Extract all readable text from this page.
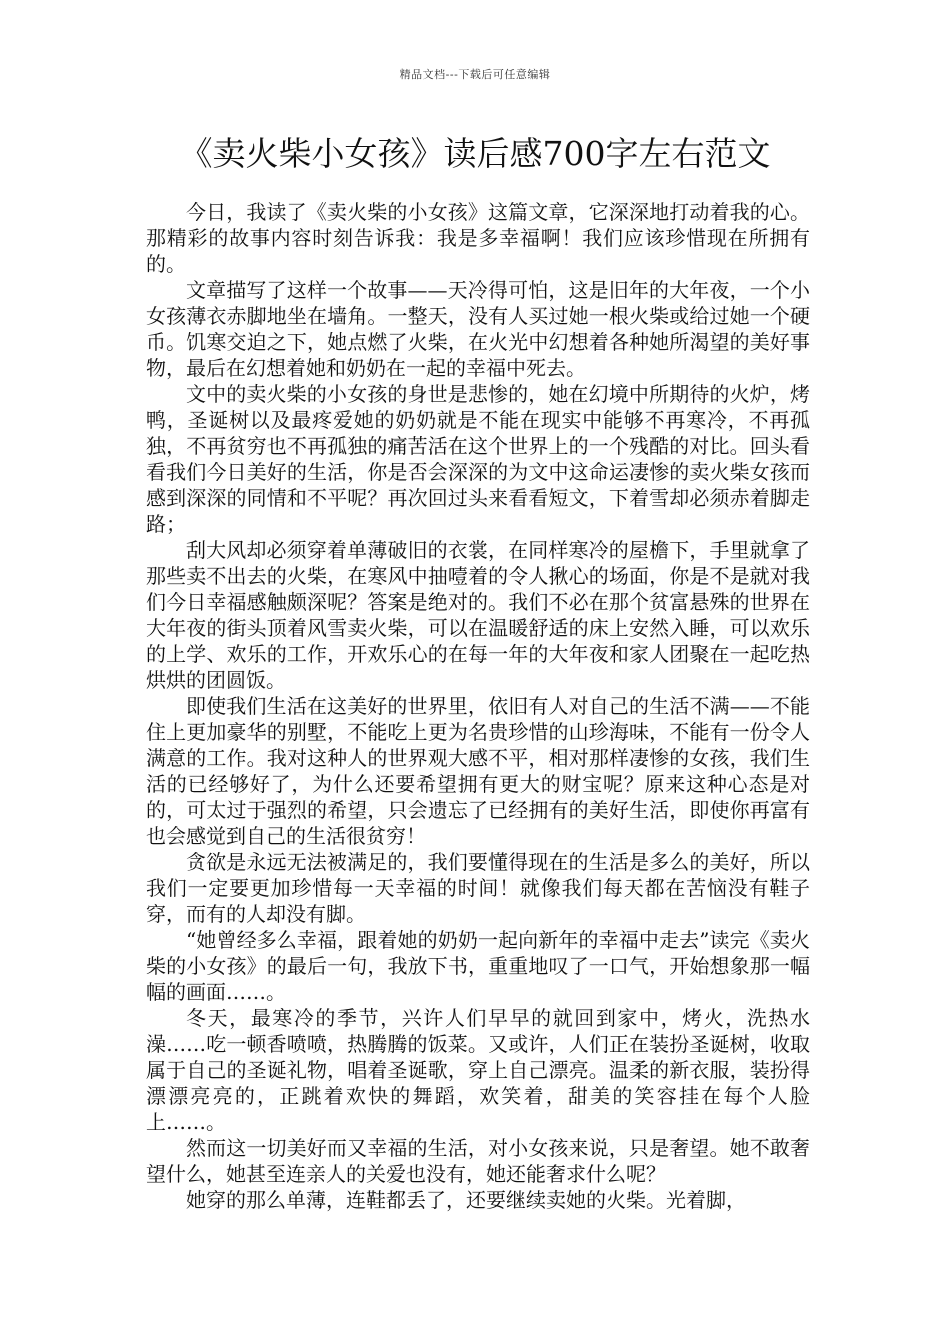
精品文档---下载后可任意编辑
《卖火柴小女孩》读后感700字左右范文

今日，我读了《卖火柴的小女孩》这篇文章，它深深地打动着我的心。那精彩的故事内容时刻告诉我：我是多幸福啊！我们应该珍惜现在所拥有的。

文章描写了这样一个故事——天冷得可怕，这是旧年的大年夜，一个小女孩薄衣赤脚地坐在墙角。一整天，没有人买过她一根火柴或给过她一个硬币。饥寒交迫之下，她点燃了火柴，在火光中幻想着各种她所渴望的美好事物，最后在幻想着她和奶奶在一起的幸福中死去。

文中的卖火柴的小女孩的身世是悲惨的，她在幻境中所期待的火炉，烤鸭，圣诞树以及最疼爱她的奶奶就是不能在现实中能够不再寒冷，不再孤独，不再贫穷也不再孤独的痛苦活在这个世界上的一个残酷的对比。回头看看我们今日美好的生活，你是否会深深的为文中这命运凄惨的卖火柴女孩而感到深深的同情和不平呢？再次回过头来看看短文，下着雪却必须赤着脚走路；

刮大风却必须穿着单薄破旧的衣裳，在同样寒冷的屋檐下，手里就拿了那些卖不出去的火柴，在寒风中抽噎着的令人揪心的场面，你是不是就对我们今日幸福感触颇深呢？答案是绝对的。我们不必在那个贫富悬殊的世界在大年夜的街头顶着风雪卖火柴，可以在温暖舒适的床上安然入睡，可以欢乐的上学、欢乐的工作，开欢乐心的在每一年的大年夜和家人团聚在一起吃热烘烘的团圆饭。

即使我们生活在这美好的世界里，依旧有人对自己的生活不满——不能住上更加豪华的别墅，不能吃上更为名贵珍惜的山珍海味，不能有一份令人满意的工作。我对这种人的世界观大感不平，相对那样凄惨的女孩，我们生活的已经够好了，为什么还要希望拥有更大的财宝呢？原来这种心态是对的，可太过于强烈的希望，只会遗忘了已经拥有的美好生活，即使你再富有也会感觉到自己的生活很贫穷！

贪欲是永远无法被满足的，我们要懂得现在的生活是多么的美好，所以我们一定要更加珍惜每一天幸福的时间！就像我们每天都在苦恼没有鞋子穿，而有的人却没有脚。

“她曾经多么幸福，跟着她的奶奶一起向新年的幸福中走去”读完《卖火柴的小女孩》的最后一句，我放下书，重重地叹了一口气，开始想象那一幅幅的画面……。

冬天，最寒冷的季节，兴许人们早早的就回到家中，烤火，洗热水澡……吃一顿香喷喷，热腾腾的饭菜。又或许，人们正在装扮圣诞树，收取属于自己的圣诞礼物，唱着圣诞歌，穿上自己漂亮。温柔的新衣服，装扮得漂漂亮亮的，正跳着欢快的舞蹈，欢笑着，甜美的笑容挂在每个人脸上……。

然而这一切美好而又幸福的生活，对小女孩来说，只是奢望。她不敢奢望什么，她甚至连亲人的关爱也没有，她还能奢求什么呢？

她穿的那么单薄，连鞋都丢了，还要继续卖她的火柴。光着脚，
